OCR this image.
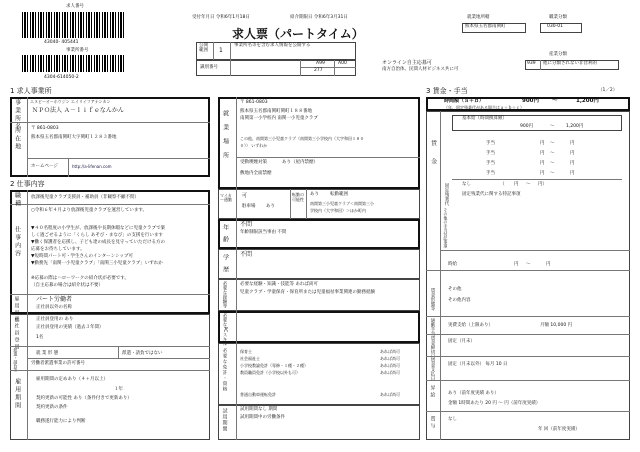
求人番号
43040- 405441
事業所番号
4304-614050-2
受付年月日 令和6年1月18日	紹介期限日 令和6年3月31日
求人票（パートタイム）
公開範囲	1
事業所名等を含む求人情報を公開する
識別番号
A99	A00
277
オンライン自主応募可
南方自治体、民間人材ビジネス共に可
就業地所轄
熊本県玉名郡南関町
職業分類
030-01
産業分類
939 他に分類されない非営利的
1 求人事業所
事業所名 エヌピーオーホウジン エイリイフアナンカン
ＮＰＯ法人 Ａ－ｌｉｆｅなんかん
所在地 〒 861-0803
熊本県玉名郡南関町大字関町１２８３番地
ホームページ	http://a-lifenan.com
2 仕事内容
職種 放課後児童クラブ支援員・補助員（非観察不顧不問）
仕事内容
○令和６年４月より放課後児童クラブを運営しています。
▼４０名程度の小学生が、放課後や長期休暇などに児童クラブで楽
しく過ごせるように「くらし あそび・まなび」の支援を行います
▼働く保護者を応援し、子ども達の成長を見守っていただける方の
応募をお待ちしています。
▼短時間パート可・学生さんのインターンシップ可
▼勤務先「南関一小児童クラブ」「南関三小児童クラブ」いずれか
※応募の際はハローワークの紹介状が必要です。
（自主応募の場合は紹介状は不要）
雇用形態	パート労働者
正社員以外の名称
正社員登用	正社員登用の あり
正社員登用の実績（過去３年間）
1名
派遣・請負等	就 業 形 態	派遣・請負ではない
労働者派遣事業の許可番号
雇用期間	雇用期間の定めあり（４ヶ月以上）
１年
契約更新の可能性 あり（条件付きで更新あり）
契約更新の条件
職務遂行能力により判断
就業場所
〒 861-0803
熊本県玉名郡南関町関町１８８番地
南関第一小学校内 南関一小児童クラブ
この他、南関第三小児童クラブ（南関第三小学校内（大字和田１８０
０）） いずれか
受動喫煙対策	あり（屋内禁煙）
敷地内全面禁煙
マイカー通勤
可
駐車場 あり
転勤の可能性
あり 転勤範囲
南関第三小児童クラブ＜南関第三小
学校内（大字和田）＞ほか町内
年齢 不問
年齢制限該当事由 不問
学歴 不問
必要な経験等	必要な経験・知識・技能等 あれば尚可
児童クラブ・学童保育・保育所または児童福祉事業関連の勤務経験
必要なPCスキル
必要な免許・資格	保育士	あれば尚可
社会福祉士	あれば尚可
小学校教諭免許（専修・１種・２種）	あれば尚可
教員職員免許（小学校以外も可）	あれば尚可
普通自動車運転免許	あれば尚可
試用期間	試用期間なし 期間
試用期間中の労働条件
3 賃金・手当	（1／2）
時間額（ａ＋ｂ）	900円 ～	1,200円
（年、固定残業代がある場合はａ＋ｂ＋ｃ）
賃金
基本給（時間換算額）
900円	～	1,200円
手当	円 ～	円
手当	円 ～	円
手当	円 ～	円
手当	円 ～	円
固定残業代	なし	（ 円 ～ 円）
固定残業代に関する特記事項
その他の手当付記事項
時給	円 ～	円
賃金形態等	その他
その他内容
通勤手当	実費支給（上限あり）	月額 10,000 円
賃金締切日	固定（月末）
賃金支払日	固定（月末以外） 毎月 10 日
昇給	あり（前年度実績 あり）
金額 1時間あたり 20 円 ～ 円（前年度実績）
賞与	なし
年 回（前年度実績）
